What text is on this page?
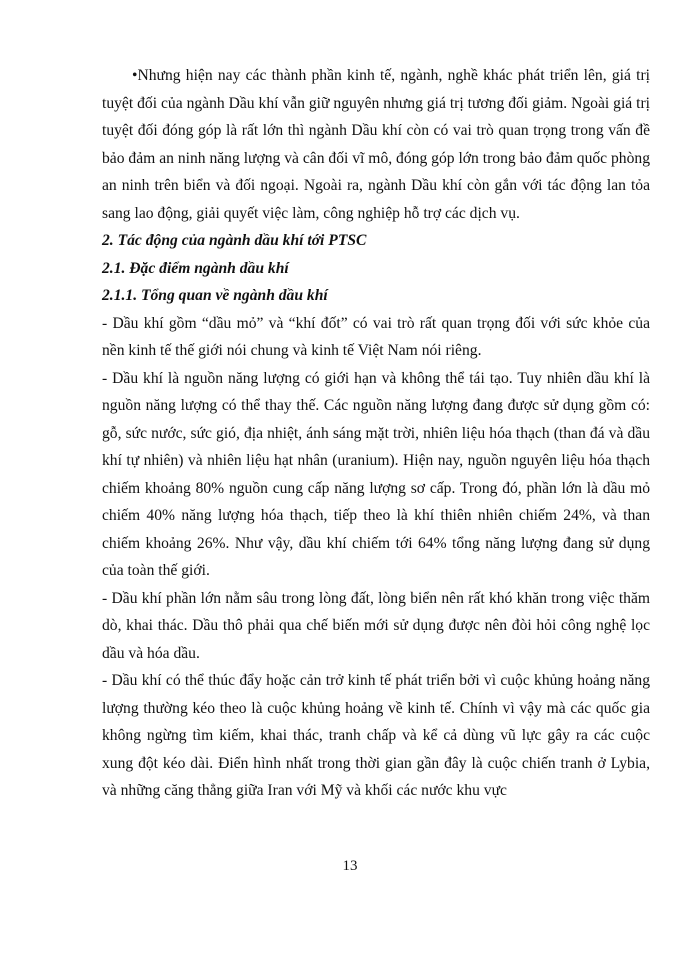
•Nhưng hiện nay các thành phần kinh tế, ngành, nghề khác phát triển lên, giá trị tuyệt đối của ngành Dầu khí vẫn giữ nguyên nhưng giá trị tương đối giảm. Ngoài giá trị tuyệt đối đóng góp là rất lớn thì ngành Dầu khí còn có vai trò quan trọng trong vấn đề bảo đảm an ninh năng lượng và cân đối vĩ mô, đóng góp lớn trong bảo đảm quốc phòng an ninh trên biển và đối ngoại. Ngoài ra, ngành Dầu khí còn gắn với tác động lan tỏa sang lao động, giải quyết việc làm, công nghiệp hỗ trợ các dịch vụ.

2. Tác động của ngành dầu khí tới PTSC

2.1. Đặc điểm ngành dầu khí

2.1.1. Tổng quan về ngành dầu khí

- Dầu khí gồm “dầu mỏ” và “khí đốt” có vai trò rất quan trọng đối với sức khỏe của nền kinh tế thế giới nói chung và kinh tế Việt Nam nói riêng.

- Dầu khí là nguồn năng lượng có giới hạn và không thể tái tạo. Tuy nhiên dầu khí là nguồn năng lượng có thể thay thế. Các nguồn năng lượng đang được sử dụng gồm có: gỗ, sức nước, sức gió, địa nhiệt, ánh sáng mặt trời, nhiên liệu hóa thạch (than đá và dầu khí tự nhiên) và nhiên liệu hạt nhân (uranium). Hiện nay, nguồn nguyên liệu hóa thạch chiếm khoảng 80% nguồn cung cấp năng lượng sơ cấp. Trong đó, phần lớn là dầu mỏ chiếm 40% năng lượng hóa thạch, tiếp theo là khí thiên nhiên chiếm 24%, và than chiếm khoảng 26%. Như vậy, dầu khí chiếm tới 64% tổng năng lượng đang sử dụng của toàn thế giới.

- Dầu khí phần lớn nằm sâu trong lòng đất, lòng biển nên rất khó khăn trong việc thăm dò, khai thác. Dầu thô phải qua chế biến mới sử dụng được nên đòi hỏi công nghệ lọc dầu và hóa dầu.

- Dầu khí có thể thúc đẩy hoặc cản trở kinh tế phát triển bởi vì cuộc khủng hoảng năng lượng thường kéo theo là cuộc khủng hoảng về kinh tế. Chính vì vậy mà các quốc gia không ngừng tìm kiếm, khai thác, tranh chấp và kể cả dùng vũ lực gây ra các cuộc xung đột kéo dài. Điển hình nhất trong thời gian gần đây là cuộc chiến tranh ở Lybia, và những căng thẳng giữa Iran với Mỹ và khối các nước khu vực

13
